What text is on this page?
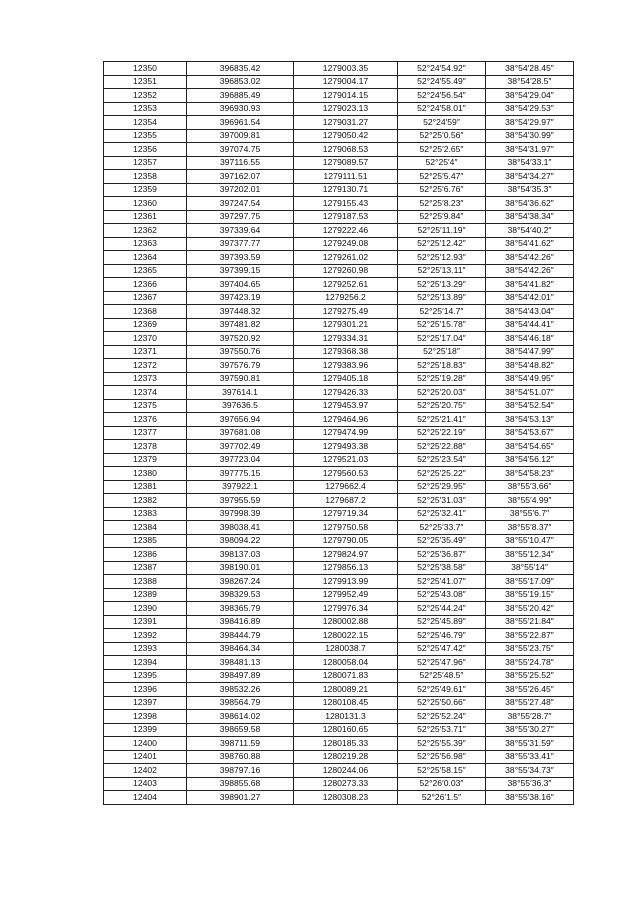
12350	396835.42	1279003.35	52°24′54.92″	38°54′28.45″
12351	396853.02	1279004.17	52°24′55.49″	38°54′28.5″
12352	396885.49	1279014.15	52°24′56.54″	38°54′29.04″
12353	396930.93	1279023.13	52°24′58.01″	38°54′29.53″
12354	396961.54	1279031.27	52°24′59″	38°54′29.97″
12355	397009.81	1279050.42	52°25′0.56″	38°54′30.99″
12356	397074.75	1279068.53	52°25′2.65″	38°54′31.97″
12357	397116.55	1279089.57	52°25′4″	38°54′33.1″
12358	397162.07	1279111.51	52°25′5.47″	38°54′34.27″
12359	397202.01	1279130.71	52°25′6.76″	38°54′35.3″
12360	397247.54	1279155.43	52°25′8.23″	38°54′36.62″
12361	397297.75	1279187.53	52°25′9.84″	38°54′38.34″
12362	397339.64	1279222.46	52°25′11.19″	38°54′40.2″
12363	397377.77	1279249.08	52°25′12.42″	38°54′41.62″
12364	397393.59	1279261.02	52°25′12.93″	38°54′42.26″
12365	397399.15	1279260.98	52°25′13.11″	38°54′42.26″
12366	397404.65	1279252.61	52°25′13.29″	38°54′41.82″
12367	397423.19	1279256.2	52°25′13.89″	38°54′42.01″
12368	397448.32	1279275.49	52°25′14.7″	38°54′43.04″
12369	397481.82	1279301.21	52°25′15.78″	38°54′44.41″
12370	397520.92	1279334.31	52°25′17.04″	38°54′46.18″
12371	397550.76	1279368.38	52°25′18″	38°54′47.99″
12372	397576.79	1279383.96	52°25′18.83″	38°54′48.82″
12373	397590.81	1279405.18	52°25′19.28″	38°54′49.95″
12374	397614.1	1279426.33	52°25′20.03″	38°54′51.07″
12375	397636.5	1279453.97	52°25′20.75″	38°54′52.54″
12376	397656.94	1279464.96	52°25′21.41″	38°54′53.13″
12377	397681.08	1279474.99	52°25′22.19″	38°54′53.67″
12378	397702.49	1279493.38	52°25′22.88″	38°54′54.65″
12379	397723.04	1279521.03	52°25′23.54″	38°54′56.12″
12380	397775.15	1279560.53	52°25′25.22″	38°54′58.23″
12381	397922.1	1279662.4	52°25′29.95″	38°55′3.66″
12382	397955.59	1279687.2	52°25′31.03″	38°55′4.99″
12383	397998.39	1279719.34	52°25′32.41″	38°55′6.7″
12384	398038.41	1279750.58	52°25′33.7″	38°55′8.37″
12385	398094.22	1279790.05	52°25′35.49″	38°55′10.47″
12386	398137.03	1279824.97	52°25′36.87″	38°55′12.34″
12387	398190.01	1279856.13	52°25′38.58″	38°55′14″
12388	398267.24	1279913.99	52°25′41.07″	38°55′17.09″
12389	398329.53	1279952.49	52°25′43.08″	38°55′19.15″
12390	398365.79	1279976.34	52°25′44.24″	38°55′20.42″
12391	398416.89	1280002.88	52°25′45.89″	38°55′21.84″
12392	398444.79	1280022.15	52°25′46.79″	38°55′22.87″
12393	398464.34	1280038.7	52°25′47.42″	38°55′23.75″
12394	398481.13	1280058.04	52°25′47.96″	38°55′24.78″
12395	398497.89	1280071.83	52°25′48.5″	38°55′25.52″
12396	398532.26	1280089.21	52°25′49.61″	38°55′26.45″
12397	398564.79	1280108.45	52°25′50.66″	38°55′27.48″
12398	398614.02	1280131.3	52°25′52.24″	38°55′28.7″
12399	398659.58	1280160.65	52°25′53.71″	38°55′30.27″
12400	398711.59	1280185.33	52°25′55.39″	38°55′31.59″
12401	398760.88	1280219.28	52°25′56.98″	38°55′33.41″
12402	398797.16	1280244.06	52°25′58.15″	38°55′34.73″
12403	398855.68	1280273.33	52°26′0.03″	38°55′36.3″
12404	398901.27	1280308.23	52°26′1.5″	38°55′38.16″
